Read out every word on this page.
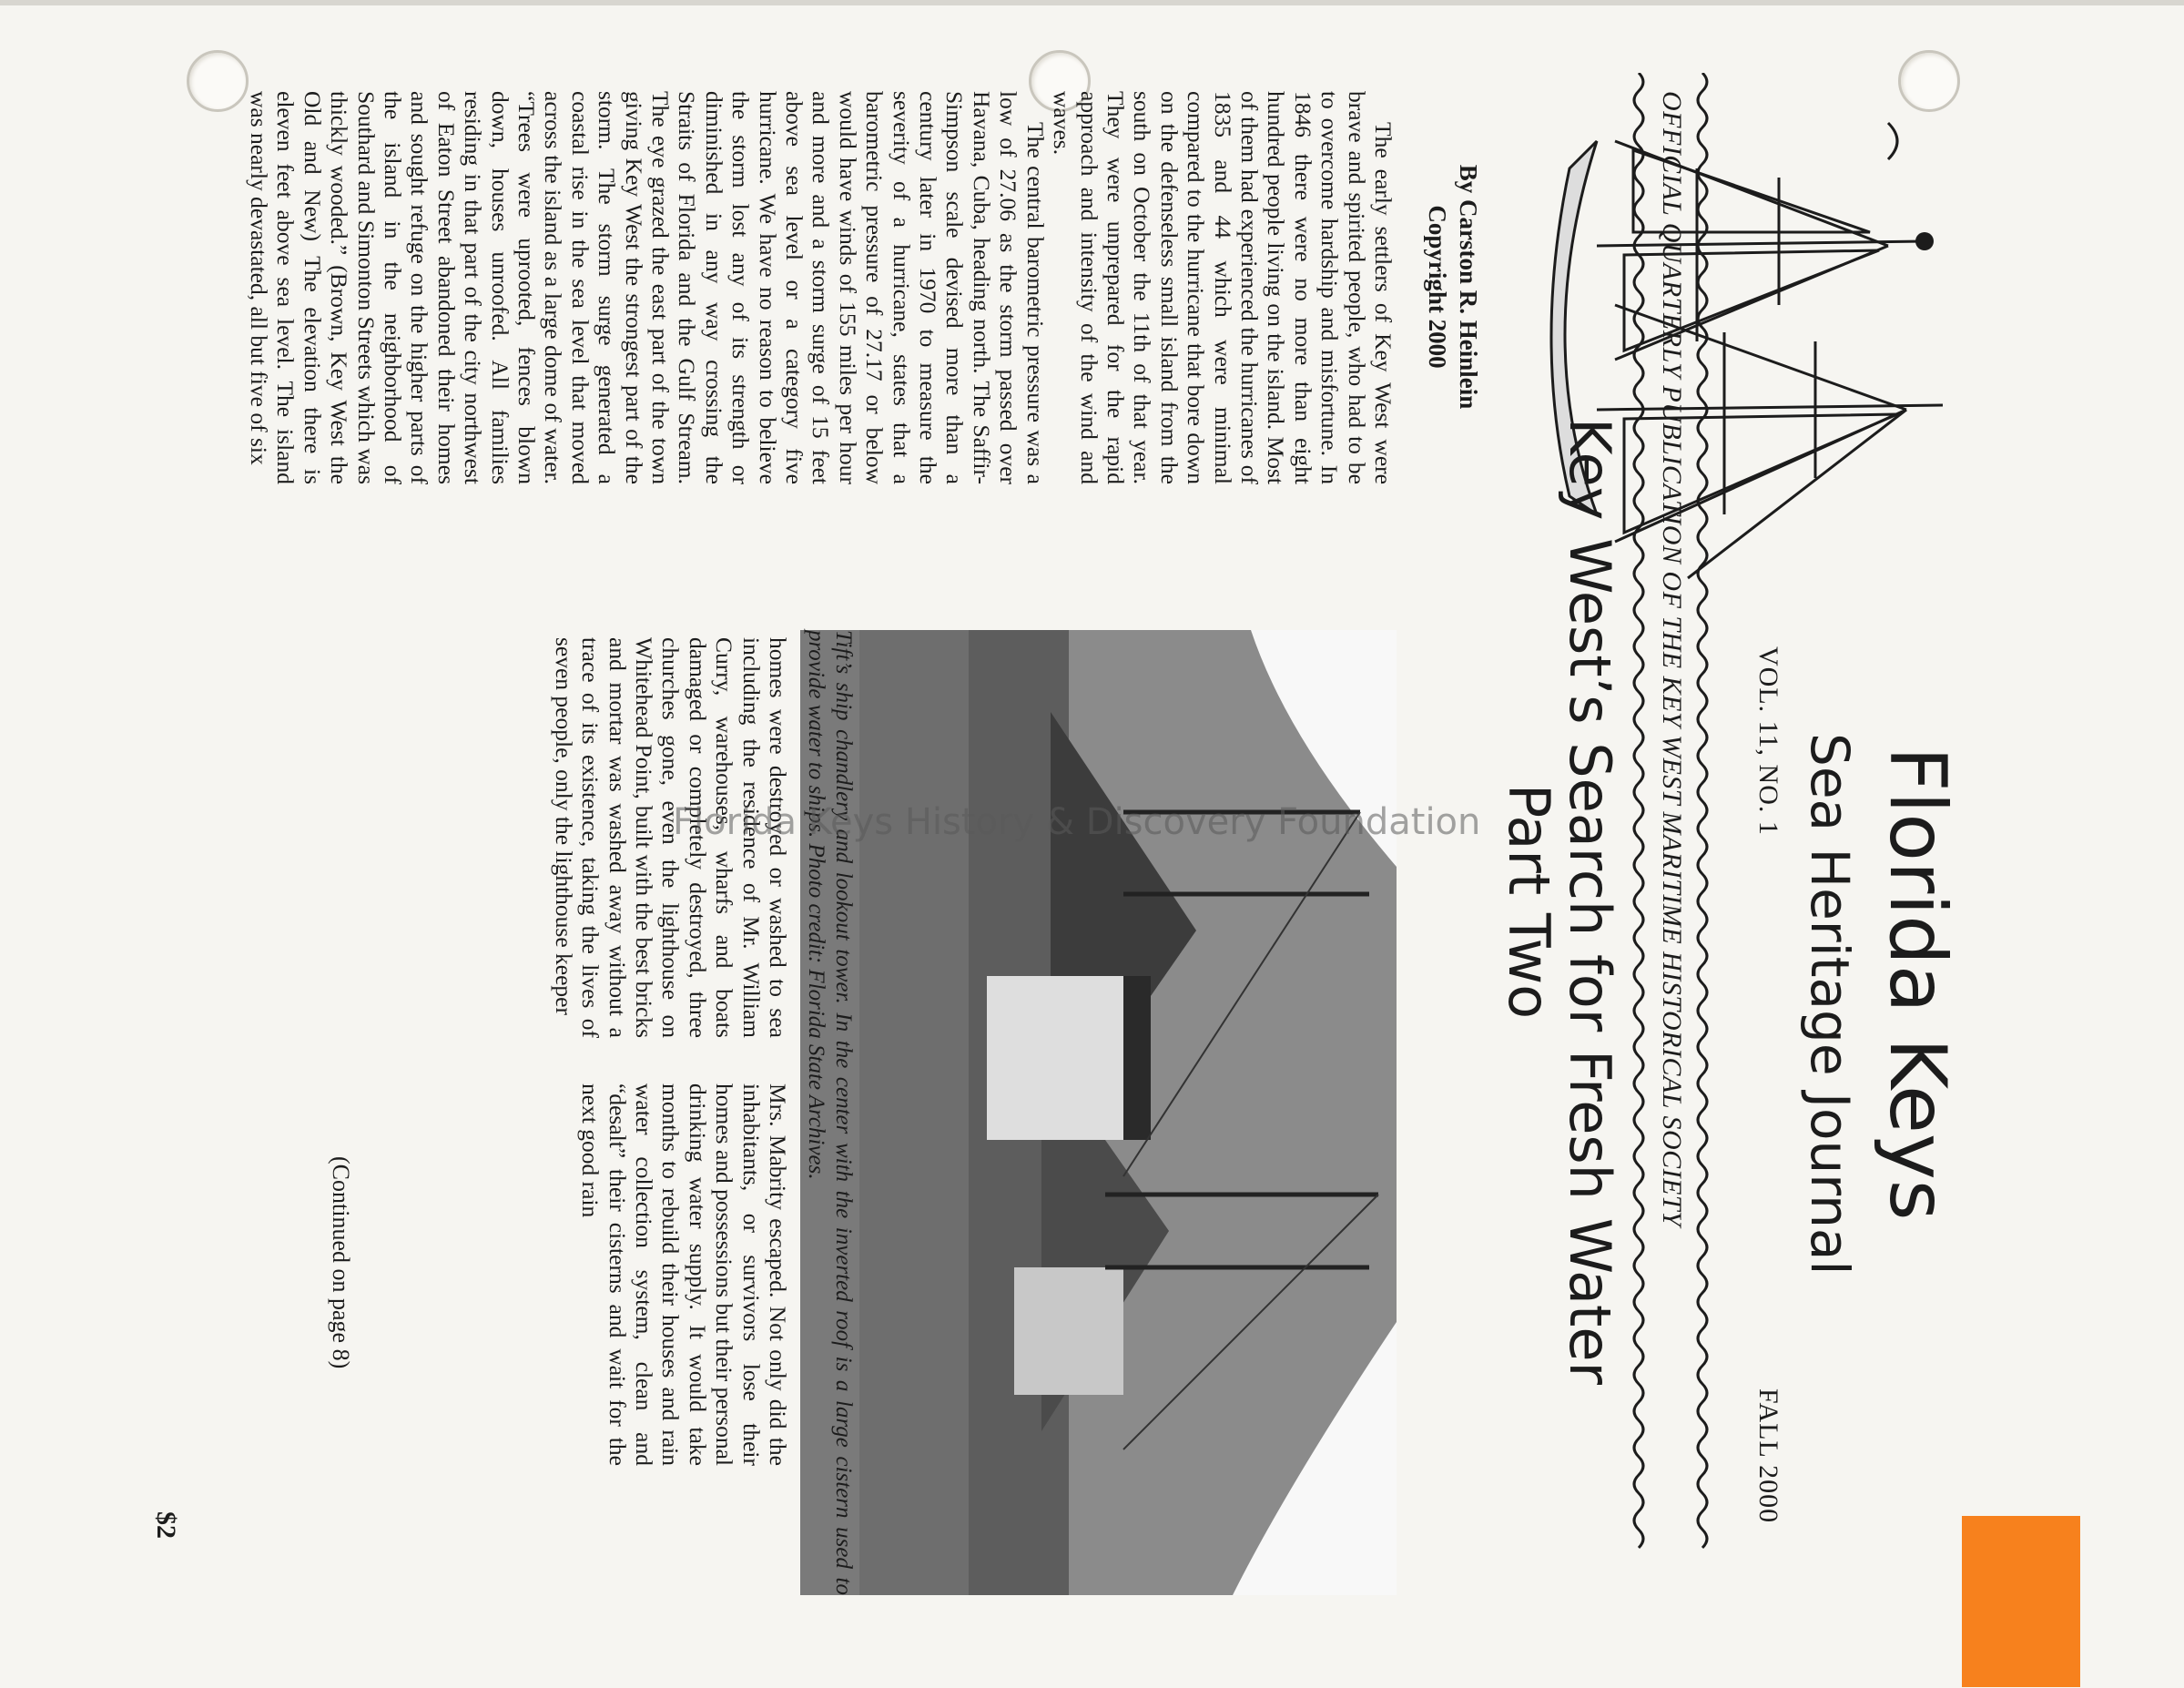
Florida Keys
Sea Heritage Journal
VOL. 11, NO. 1
FALL 2000
OFFICIAL QUARTERLY PUBLICATION OF THE KEY WEST MARITIME HISTORICAL SOCIETY
Key West’s Search for Fresh Water
Part Two
By Carston R. Heinlein
Copyright 2000

The early settlers of Key West were brave and spirited people, who had to be to overcome hardship and misfortune. In 1846 there were no more than eight hundred people living on the island. Most of them had experienced the hurricanes of 1835 and 44 which were minimal compared to the hurricane that bore down on the defenseless small island from the south on October the 11th of that year. They were unprepared for the rapid approach and intensity of the wind and waves.

The central barometric pressure was a low of 27.06 as the storm passed over Havana, Cuba, heading north. The Saffir-Simpson scale devised more than a century later in 1970 to measure the severity of a hurricane, states that a barometric pressure of 27.17 or below would have winds of 155 miles per hour and more and a storm surge of 15 feet above sea level or a category five hurricane. We have no reason to believe the storm lost any of its strength or diminished in any way crossing the Straits of Florida and the Gulf Stream. The eye grazed the east part of the town giving Key West the strongest part of the storm. The storm surge generated a coastal rise in the sea level that moved across the island as a large dome of water. “Trees were uprooted, fences blown down, houses unroofed. All families residing in that part of the city northwest of Eaton Street abandoned their homes and sought refuge on the higher parts of the island in the neighborhood of Southard and Simonton Streets which was thickly wooded.” (Brown, Key West the Old and New) The elevation there is eleven feet above sea level. The island was nearly devastated, all but five of six

Tift’s ship chandlery and lookout tower. In the center with the inverted roof is a large cistern used to provide water to ships. Photo credit: Florida State Archives.

homes were destroyed or washed to sea including the residence of Mr. William Curry, warehouses, wharfs and boats damaged or completely destroyed, three churches gone, even the lighthouse on Whitehead Point, built with the best bricks and mortar was washed away without a trace of its existence, taking the lives of seven people, only the lighthouse keeper

Mrs. Mabrity escaped. Not only did the inhabitants, or survivors lose their homes and possessions but their personal drinking water supply. It would take months to rebuild their houses and rain water collection system, clean and “desalt” their cisterns and wait for the next good rain

(Continued on page 8)
$2
Florida Keys History & Discovery Foundation
